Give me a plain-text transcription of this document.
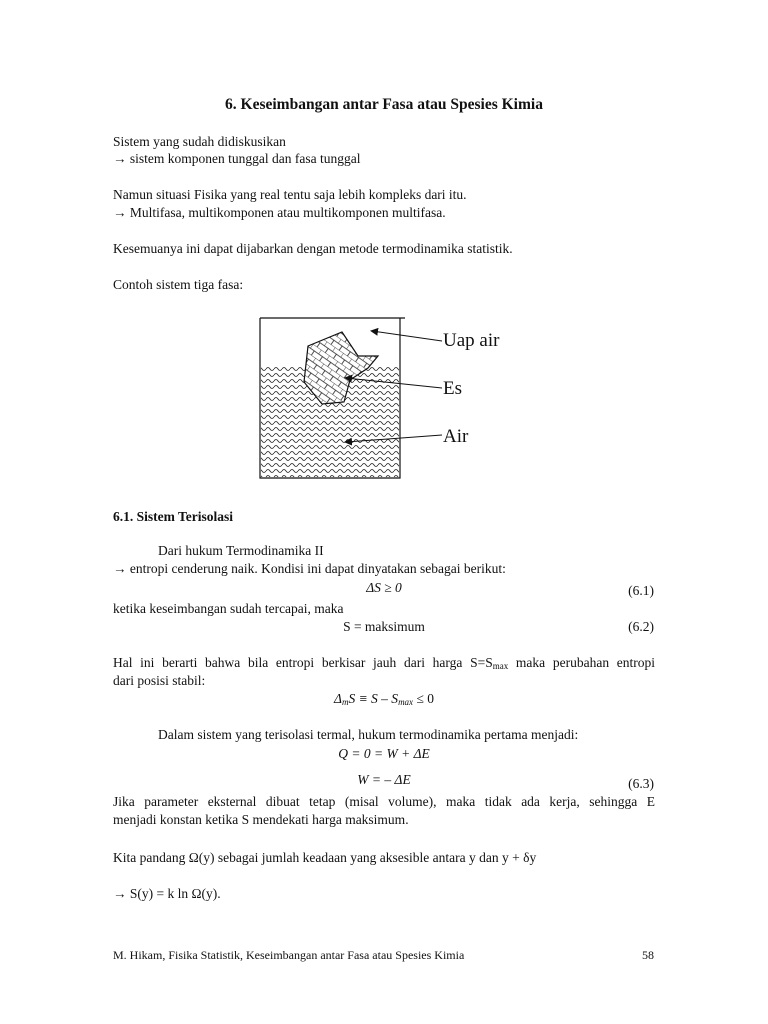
6. Keseimbangan antar Fasa atau Spesies Kimia
Sistem yang sudah didiskusikan
→ sistem komponen tunggal dan fasa tunggal
Namun situasi Fisika yang real tentu saja lebih kompleks dari itu.
→ Multifasa, multikomponen atau multikomponen multifasa.
Kesemuanya ini dapat dijabarkan dengan metode termodinamika statistik.
Contoh sistem tiga fasa:
Uap air
Es
Air
6.1. Sistem Terisolasi
Dari hukum Termodinamika II
→ entropi cenderung naik. Kondisi ini dapat dinyatakan sebagai berikut:
ΔS ≥ 0	(6.1)
ketika keseimbangan sudah tercapai, maka
S = maksimum	(6.2)
Hal ini berarti bahwa bila entropi berkisar jauh dari harga $S=S_{max}$ maka perubahan entropi
dari posisi stabil:
$\Delta_mS \equiv S - S_{max} \le 0$
Dalam sistem yang terisolasi termal, hukum termodinamika pertama menjadi:
Q = 0 = W + ΔE
W = – ΔE	(6.3)
Jika parameter eksternal dibuat tetap (misal volume), maka tidak ada kerja, sehingga E
menjadi konstan ketika S mendekati harga maksimum.
Kita pandang Ω(y) sebagai jumlah keadaan yang aksesible antara y dan y + δy
→ S(y) = k ln Ω(y).
M. Hikam, Fisika Statistik, Keseimbangan antar Fasa atau Spesies Kimia	58
